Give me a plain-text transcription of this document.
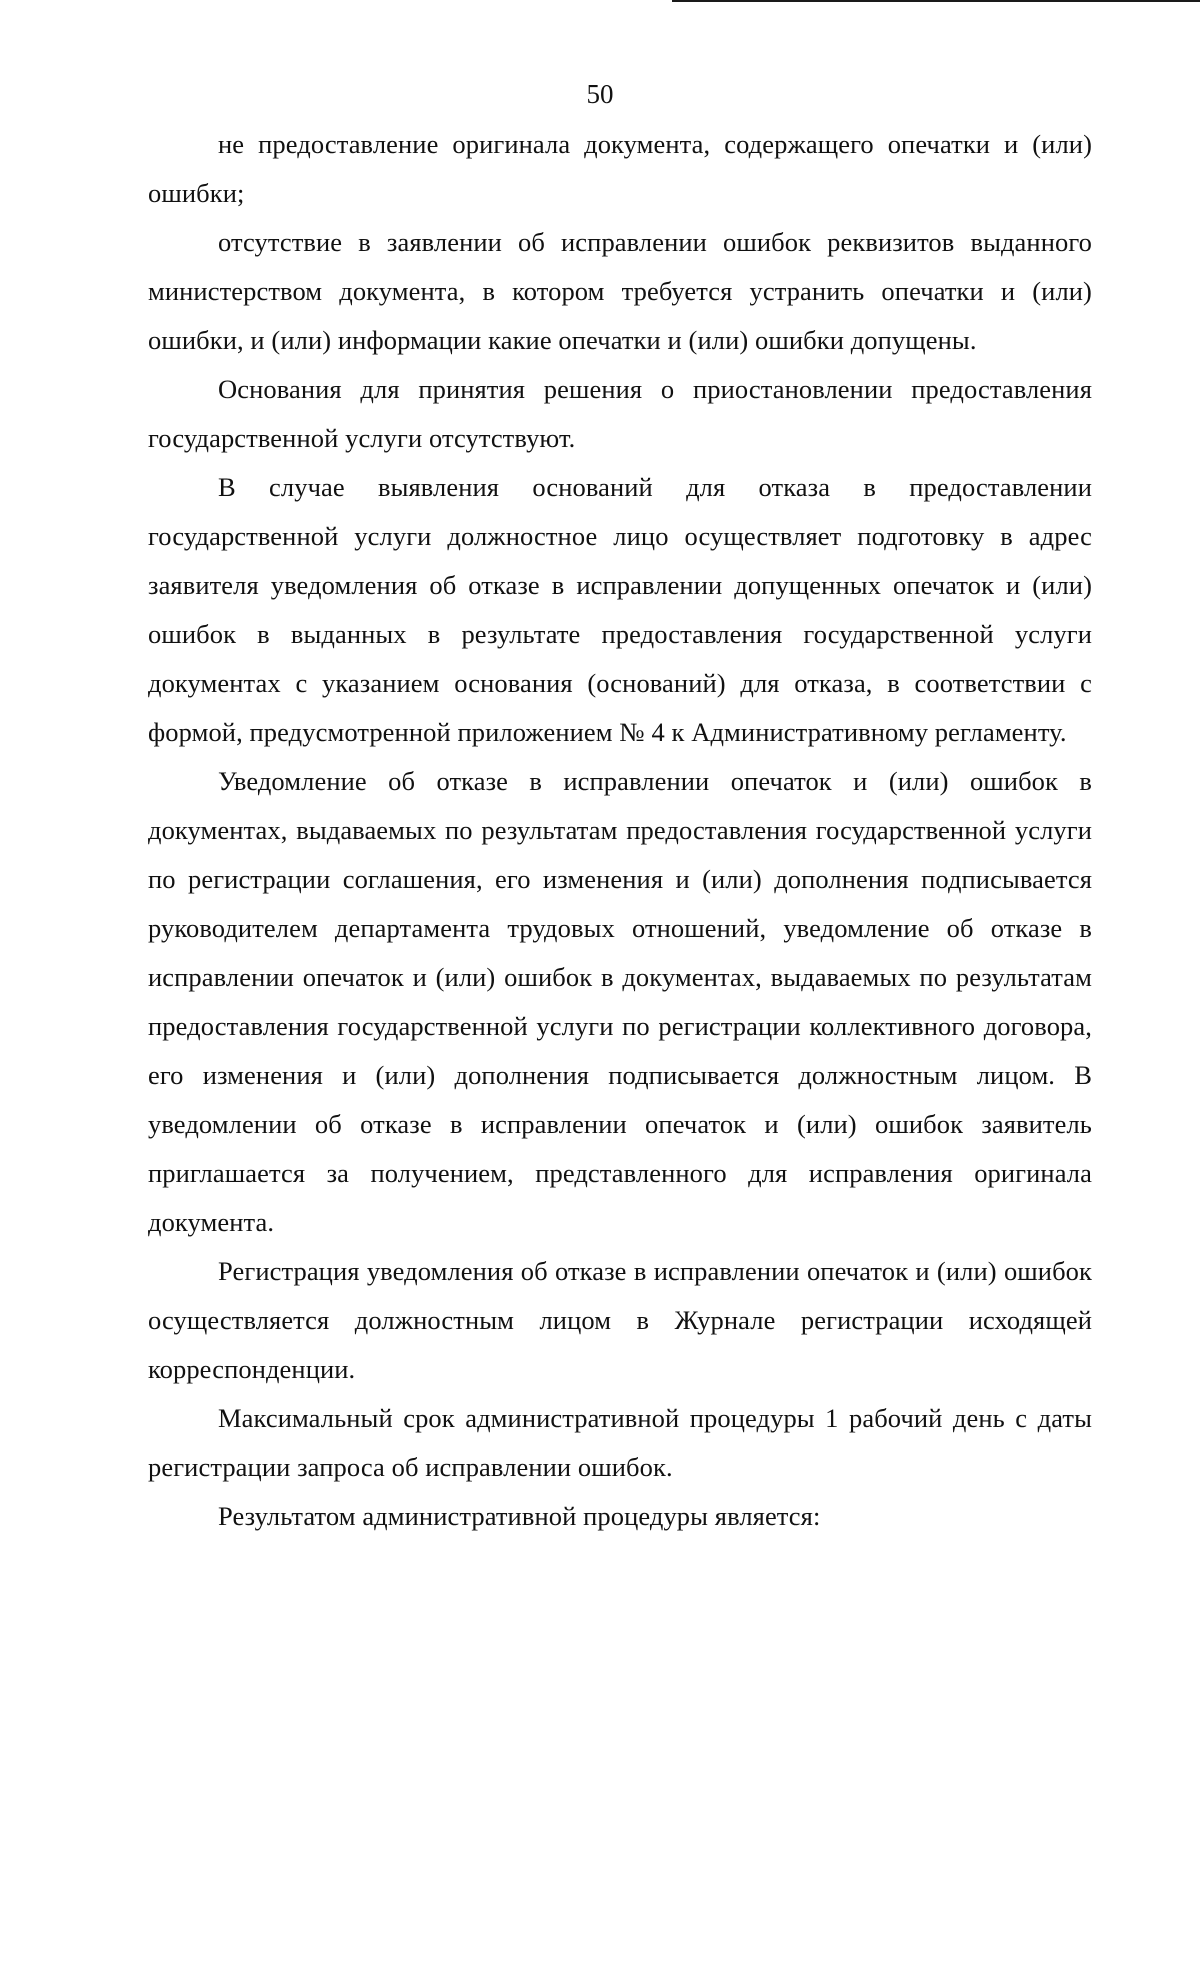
50

не предоставление оригинала документа, содержащего опечатки и (или) ошибки;

отсутствие в заявлении об исправлении ошибок реквизитов выданного министерством документа, в котором требуется устранить опечатки и (или) ошибки, и (или) информации какие опечатки и (или) ошибки допущены.

Основания для принятия решения о приостановлении предоставления государственной услуги отсутствуют.

В случае выявления оснований для отказа в предоставлении государственной услуги должностное лицо осуществляет подготовку в адрес заявителя уведомления об отказе в исправлении допущенных опечаток и (или) ошибок в выданных в результате предоставления государственной услуги документах с указанием основания (оснований) для отказа, в соответствии с формой, предусмотренной приложением № 4 к Административному регламенту.

Уведомление об отказе в исправлении опечаток и (или) ошибок в документах, выдаваемых по результатам предоставления государственной услуги по регистрации соглашения, его изменения и (или) дополнения подписывается руководителем департамента трудовых отношений, уведомление об отказе в исправлении опечаток и (или) ошибок в документах, выдаваемых по результатам предоставления государственной услуги по регистрации коллективного договора, его изменения и (или) дополнения подписывается должностным лицом. В уведомлении об отказе в исправлении опечаток и (или) ошибок заявитель приглашается за получением, представленного для исправления оригинала документа.

Регистрация уведомления об отказе в исправлении опечаток и (или) ошибок осуществляется должностным лицом в Журнале регистрации исходящей корреспонденции.

Максимальный срок административной процедуры 1 рабочий день с даты регистрации запроса об исправлении ошибок.

Результатом административной процедуры является:
